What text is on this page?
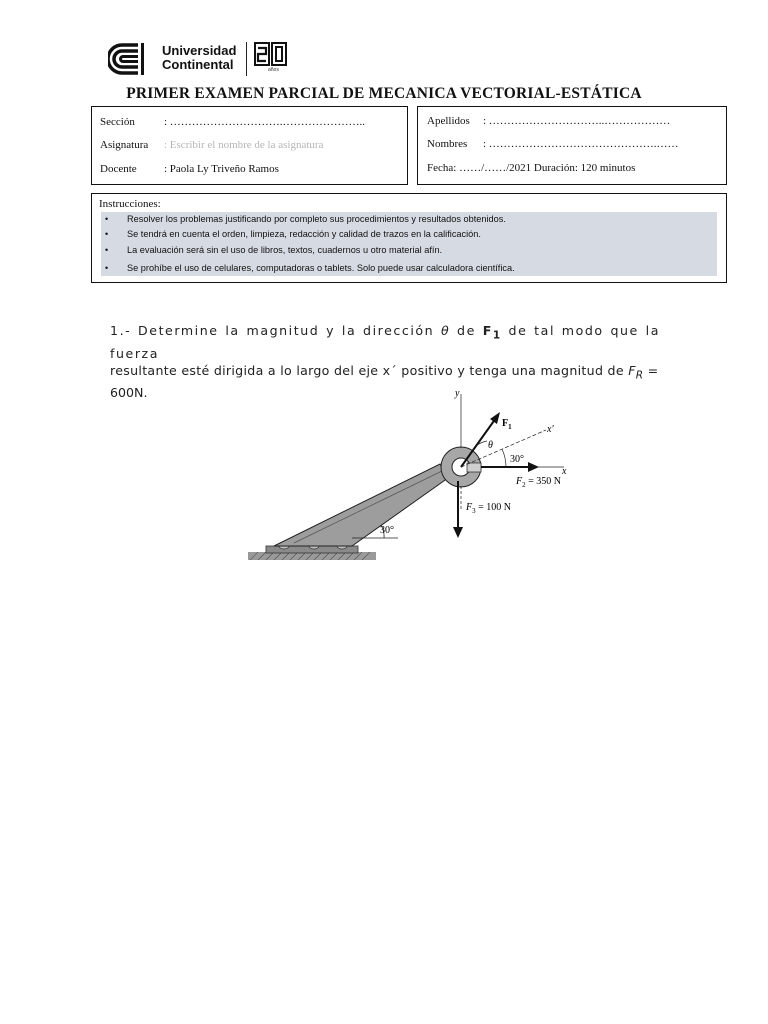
Universidad
Continental	años
PRIMER EXAMEN PARCIAL DE MECANICA VECTORIAL-ESTÁTICA
Sección	: ………………………….…………………..
Asignatura : Escribir el nombre de la asignatura
Docente : Paola Ly Triveño Ramos
Apellidos : …………………………..………………
Nombres : ……………………………………….……
Fecha: ……/……/2021 Duración: 120 minutos
Instrucciones:
• Resolver los problemas justificando por completo sus procedimientos y resultados obtenidos.
• Se tendrá en cuenta el orden, limpieza, redacción y calidad de trazos en la calificación.
• La evaluación será sin el uso de libros, textos, cuadernos u otro material afín.
• Se prohíbe el uso de celulares, computadoras o tablets. Solo puede usar calculadora científica.
1.- Determine la magnitud y la dirección θ de $F_1$ de tal modo que la fuerza
resultante esté dirigida a lo largo del eje x´ positivo y tenga una magnitud de $F_R$ =
600N.
30°
y
x′
$F_1$
θ
x
30°
$F_2 = 350$ N
$F_3 = 100$ N
